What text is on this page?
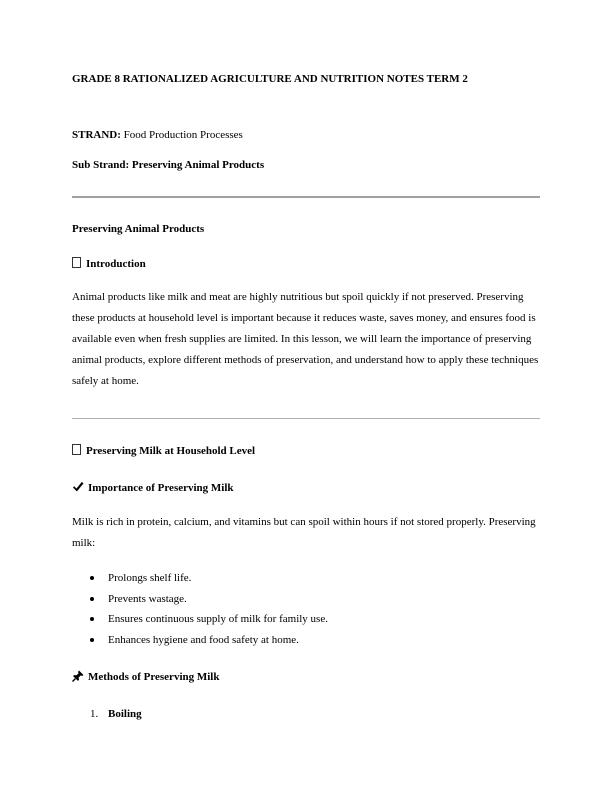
GRADE 8 RATIONALIZED AGRICULTURE AND NUTRITION NOTES TERM 2
STRAND: Food Production Processes
Sub Strand: Preserving Animal Products
Preserving Animal Products
Introduction
Animal products like milk and meat are highly nutritious but spoil quickly if not preserved. Preserving these products at household level is important because it reduces waste, saves money, and ensures food is available even when fresh supplies are limited. In this lesson, we will learn the importance of preserving animal products, explore different methods of preservation, and understand how to apply these techniques safely at home.
Preserving Milk at Household Level
Importance of Preserving Milk
Milk is rich in protein, calcium, and vitamins but can spoil within hours if not stored properly. Preserving milk:
Prolongs shelf life.
Prevents wastage.
Ensures continuous supply of milk for family use.
Enhances hygiene and food safety at home.
Methods of Preserving Milk
1. Boiling
